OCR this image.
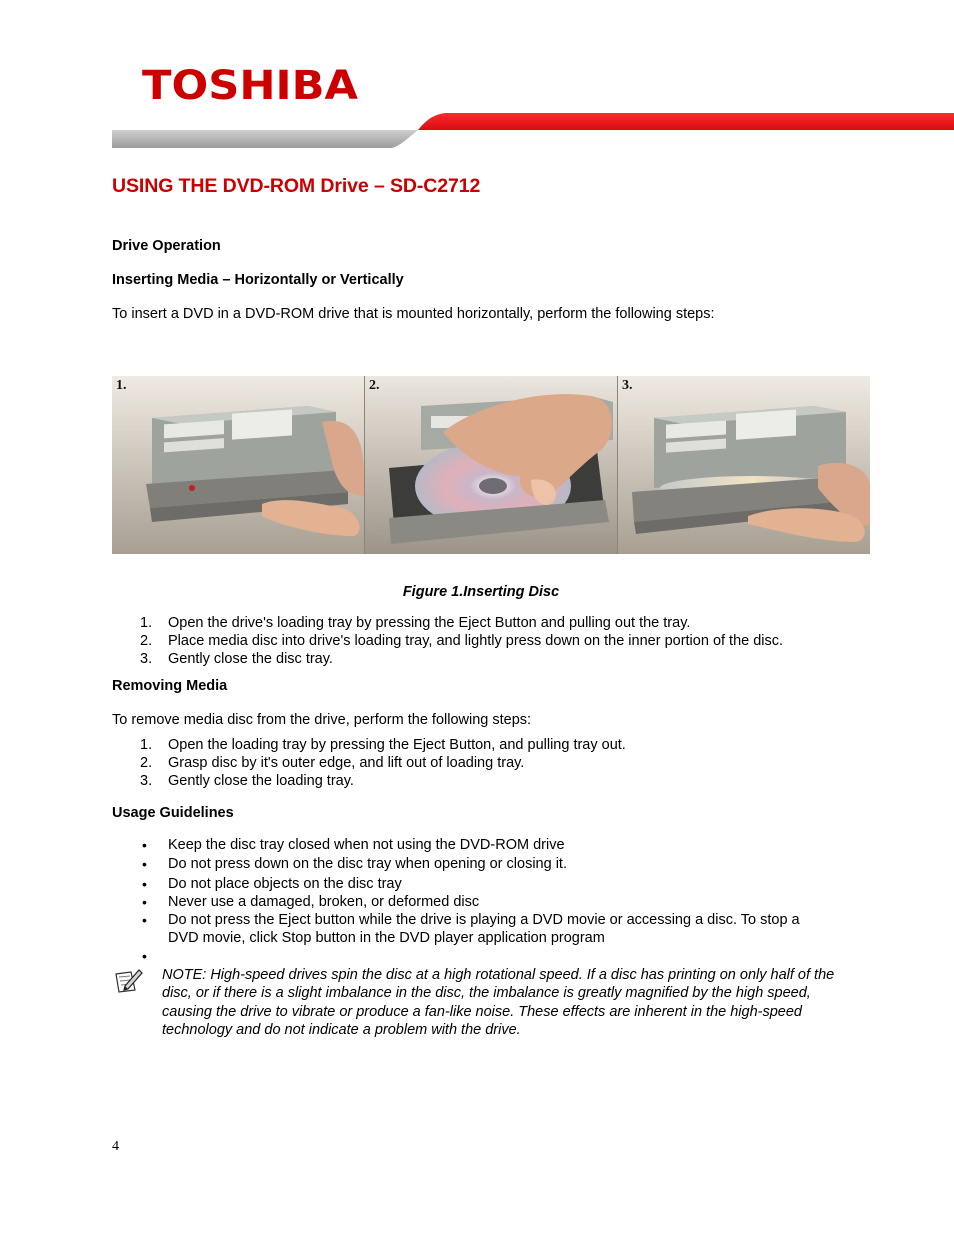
TOSHIBA
USING THE DVD-ROM Drive – SD-C2712

Drive Operation

Inserting Media – Horizontally or Vertically

To insert a DVD in a DVD-ROM drive that is mounted horizontally, perform the following steps:

1.	2.	3.

Figure 1.Inserting Disc

1. Open the drive's loading tray by pressing the Eject Button and pulling out the tray.
2. Place media disc into drive's loading tray, and lightly press down on the inner portion of the disc.
3. Gently close the disc tray.

Removing Media

To remove media disc from the drive, perform the following steps:

1. Open the loading tray by pressing the Eject Button, and pulling tray out.
2. Grasp disc by it's outer edge, and lift out of loading tray.
3. Gently close the loading tray.

Usage Guidelines

• Keep the disc tray closed when not using the DVD-ROM drive
• Do not press down on the disc tray when opening or closing it.
• Do not place objects on the disc tray
• Never use a damaged, broken, or deformed disc
• Do not press the Eject button while the drive is playing a DVD movie or accessing a disc. To stop a DVD movie, click Stop button in the DVD player application program
•

NOTE: High-speed drives spin the disc at a high rotational speed. If a disc has printing on only half of the disc, or if there is a slight imbalance in the disc, the imbalance is greatly magnified by the high speed, causing the drive to vibrate or produce a fan-like noise. These effects are inherent in the high-speed technology and do not indicate a problem with the drive.

4
